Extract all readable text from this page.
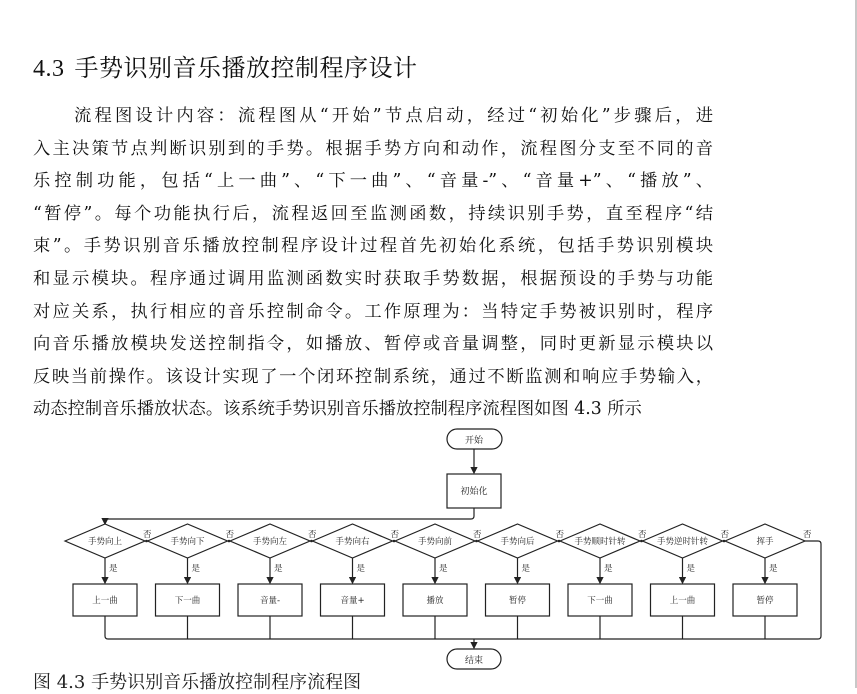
4.3 手势识别音乐播放控制程序设计
　　流程图设计内容：流程图从“开始”节点启动，经过“初始化”步骤后，进
入主决策节点判断识别到的手势。根据手势方向和动作，流程图分支至不同的音
乐控制功能，包括“上一曲”、“下一曲”、“音量-”、“音量+”、“播放”、
“暂停”。每个功能执行后，流程返回至监测函数，持续识别手势，直至程序“结
束”。手势识别音乐播放控制程序设计过程首先初始化系统，包括手势识别模块
和显示模块。程序通过调用监测函数实时获取手势数据，根据预设的手势与功能
对应关系，执行相应的音乐控制命令。工作原理为：当特定手势被识别时，程序
向音乐播放模块发送控制指令，如播放、暂停或音量调整，同时更新显示模块以
反映当前操作。该设计实现了一个闭环控制系统，通过不断监测和响应手势输入，
动态控制音乐播放状态。该系统手势识别音乐播放控制程序流程图如图 4.3 所示
手势向上
是
上一曲
否
手势向下
是
下一曲
否
手势向左
是
音量-
否
手势向右
是
音量+
否
手势向前
是
播放
否
手势向后
是
暂停
否
手势顺时针转
是
下一曲
否
手势逆时针转
是
上一曲
否
挥手
是
暂停
否
开始
初始化
结束
图 4.3 手势识别音乐播放控制程序流程图
